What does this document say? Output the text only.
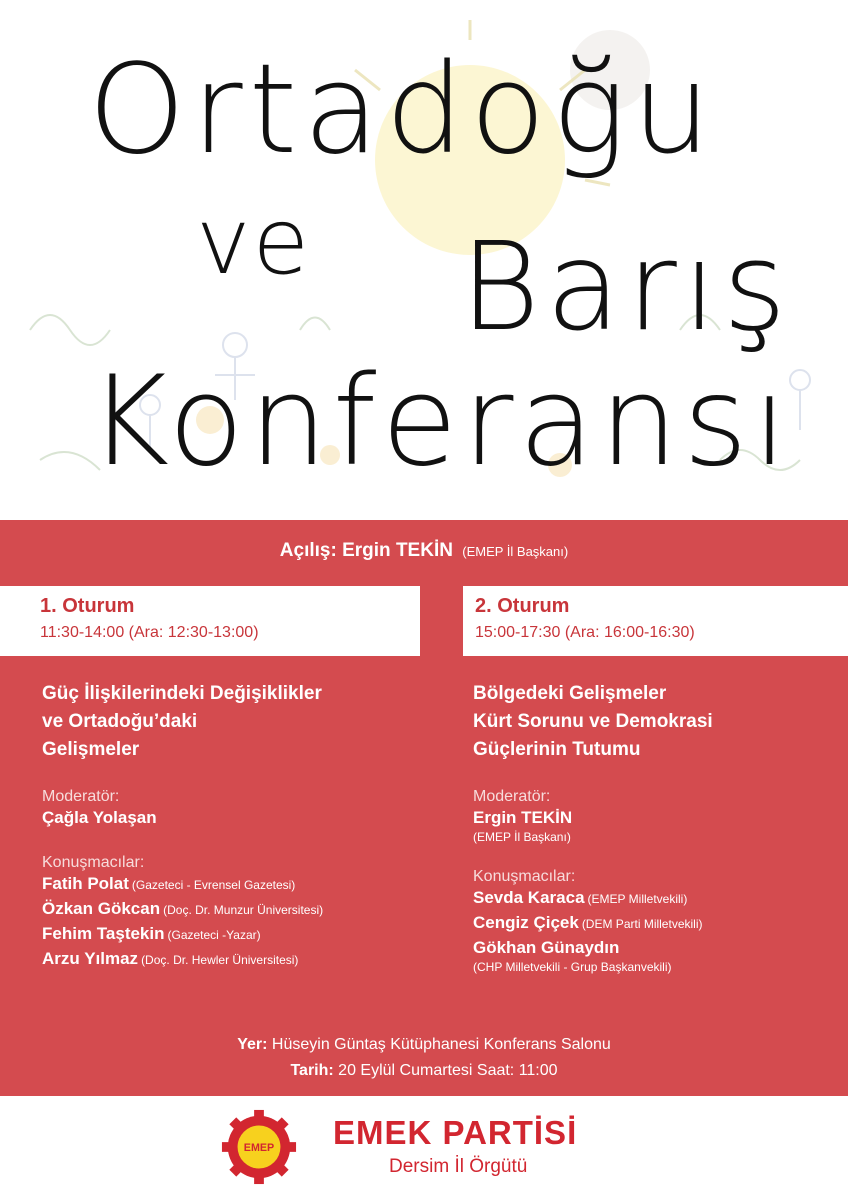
Ortadoğu
ve Barış
Konferansı
Açılış: Ergin TEKİN (EMEP İl Başkanı)
1. Oturum
11:30-14:00 (Ara: 12:30-13:00)
2. Oturum
15:00-17:30 (Ara: 16:00-16:30)
Güç İlişkilerindeki Değişiklikler
ve Ortadoğu’daki
Gelişmeler
Moderatör:
Çağla Yolaşan
Konuşmacılar:
Fatih Polat (Gazeteci - Evrensel Gazetesi)
Özkan Gökcan (Doç. Dr. Munzur Üniversitesi)
Fehim Taştekin (Gazeteci -Yazar)
Arzu Yılmaz (Doç. Dr. Hewler Üniversitesi)
Bölgedeki Gelişmeler
Kürt Sorunu ve Demokrasi
Güçlerinin Tutumu
Moderatör:
Ergin TEKİN
(EMEP İl Başkanı)
Konuşmacılar:
Sevda Karaca (EMEP Milletvekili)
Cengiz Çiçek (DEM Parti Milletvekili)
Gökhan Günaydın
(CHP Milletvekili - Grup Başkanvekili)
Yer: Hüseyin Güntaş Kütüphanesi Konferans Salonu
Tarih: 20 Eylül Cumartesi Saat: 11:00
EMEP EMEK PARTİSİ
Dersim İl Örgütü
